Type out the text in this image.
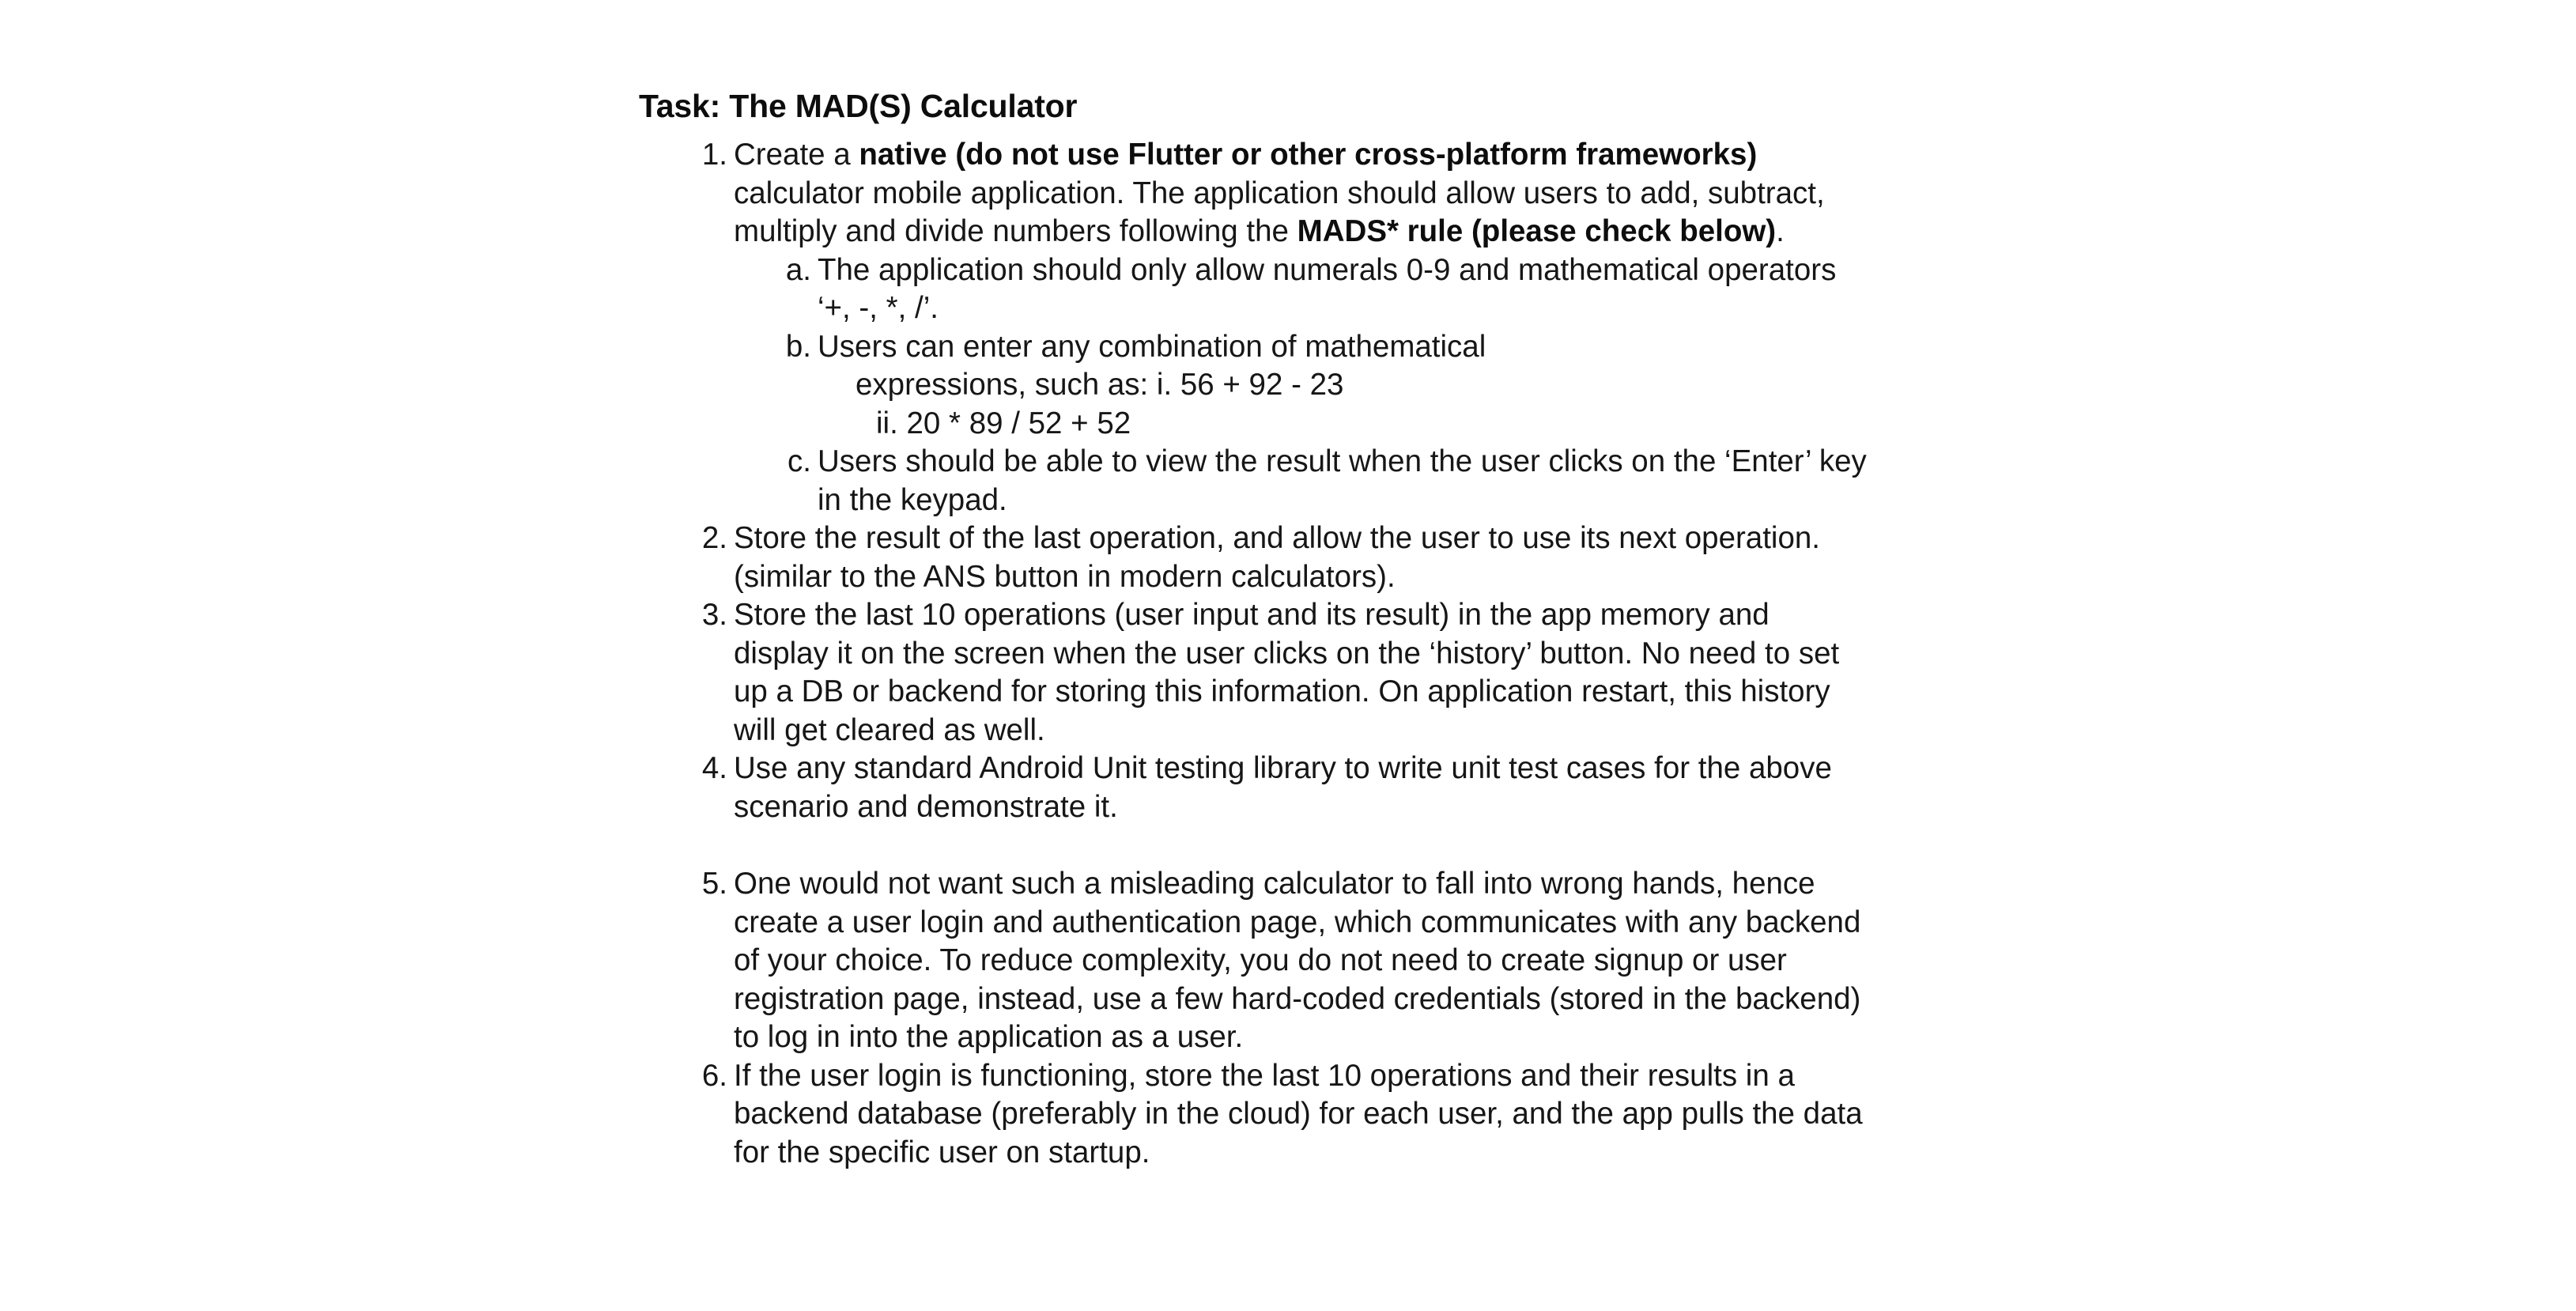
Task: The MAD(S) Calculator
1. Create a native (do not use Flutter or other cross-platform frameworks) calculator mobile application. The application should allow users to add, subtract, multiply and divide numbers following the MADS* rule (please check below).
a. The application should only allow numerals 0-9 and mathematical operators ‘+, -, *, /’.
b. Users can enter any combination of mathematical
expressions, such as: i. 56 + 92 - 23
ii. 20 * 89 / 52 + 52
c. Users should be able to view the result when the user clicks on the ‘Enter’ key in the keypad.
2. Store the result of the last operation, and allow the user to use its next operation. (similar to the ANS button in modern calculators).
3. Store the last 10 operations (user input and its result) in the app memory and display it on the screen when the user clicks on the ‘history’ button. No need to set up a DB or backend for storing this information. On application restart, this history will get cleared as well.
4. Use any standard Android Unit testing library to write unit test cases for the above scenario and demonstrate it.
5. One would not want such a misleading calculator to fall into wrong hands, hence create a user login and authentication page, which communicates with any backend of your choice. To reduce complexity, you do not need to create signup or user registration page, instead, use a few hard-coded credentials (stored in the backend) to log in into the application as a user.
6. If the user login is functioning, store the last 10 operations and their results in a backend database (preferably in the cloud) for each user, and the app pulls the data for the specific user on startup.
